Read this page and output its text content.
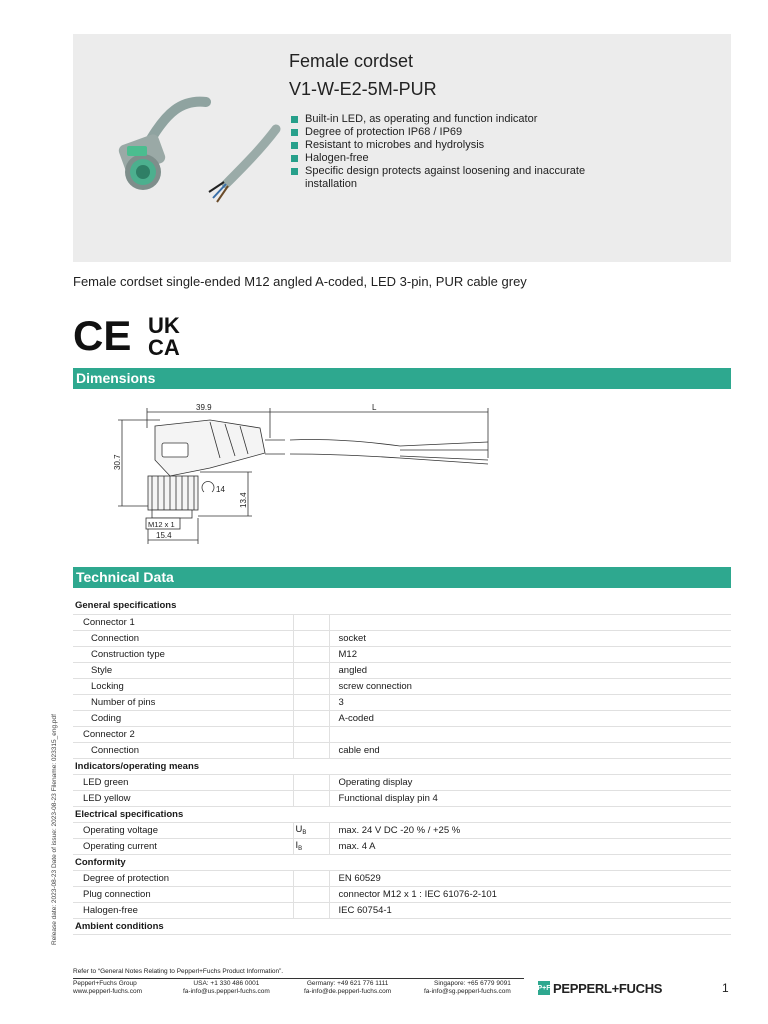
Female cordset
V1-W-E2-5M-PUR
Built-in LED, as operating and function indicator
Degree of protection IP68 / IP69
Resistant to microbes and hydrolysis
Halogen-free
Specific design protects against loosening and inaccurate installation
Female cordset single-ended M12 angled A-coded, LED 3-pin, PUR cable grey
CE UK
CA
Dimensions
39.9	L
30.7
14
13.4
M12 x 1
15.4
Technical Data
General specifications		
Connector 1		
Connection		socket
Construction type		M12
Style		angled
Locking		screw connection
Number of pins		3
Coding		A-coded
Connector 2		
Connection		cable end
Indicators/operating means		
LED green		Operating display
LED yellow		Functional display pin 4
Electrical specifications		
Operating voltage	$U_B$	max. 24 V DC -20 % / +25 %
Operating current	$I_B$	max. 4 A
Conformity		
Degree of protection		EN 60529
Plug connection		connector M12 x 1 : IEC 61076-2-101
Halogen-free		IEC 60754-1
Ambient conditions		
Release date: 2023-08-23 Date of issue: 2023-08-23 Filename: 023315_eng.pdf
Refer to “General Notes Relating to Pepperl+Fuchs Product Information”.
Pepperl+Fuchs Group
www.pepperl-fuchs.com
USA: +1 330 486 0001
fa-info@us.pepperl-fuchs.com
Germany: +49 621 776 1111
fa-info@de.pepperl-fuchs.com
Singapore: +65 6779 9091
fa-info@sg.pepperl-fuchs.com	P+F PEPPERL+FUCHS	1
